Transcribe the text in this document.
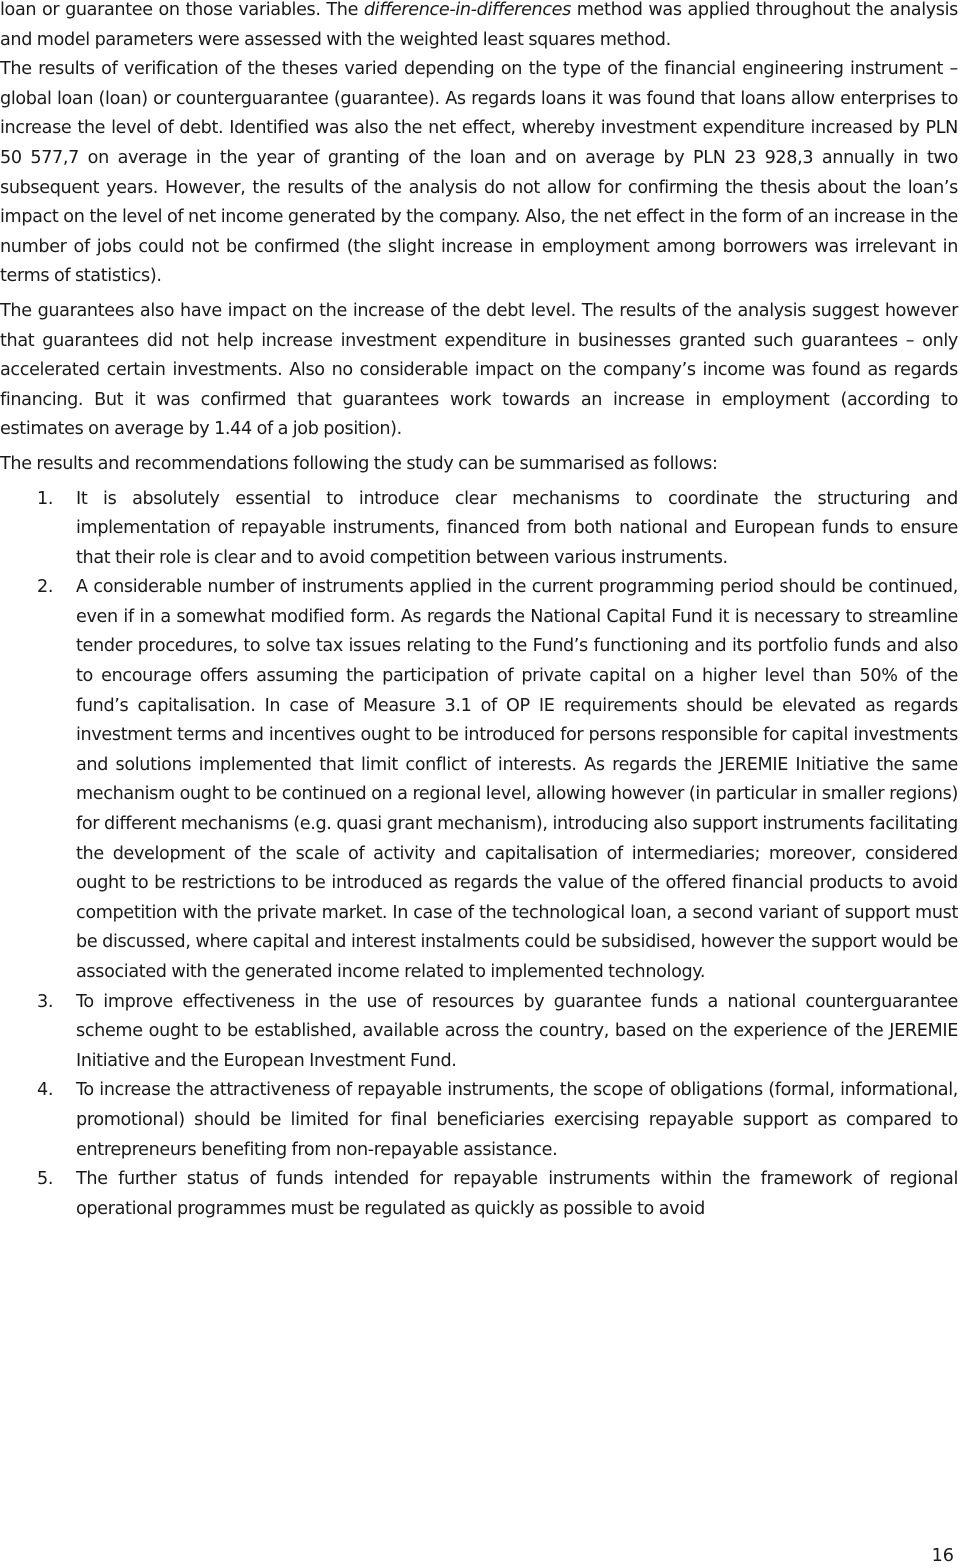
loan or guarantee on those variables. The difference-in-differences method was applied throughout the analysis and model parameters were assessed with the weighted least squares method.

The results of verification of the theses varied depending on the type of the financial engineering instrument – global loan (loan) or counterguarantee (guarantee). As regards loans it was found that loans allow enterprises to increase the level of debt. Identified was also the net effect, whereby investment expenditure increased by PLN 50 577,7 on average in the year of granting of the loan and on average by PLN 23 928,3 annually in two subsequent years. However, the results of the analysis do not allow for confirming the thesis about the loan’s impact on the level of net income generated by the company. Also, the net effect in the form of an increase in the number of jobs could not be confirmed (the slight increase in employment among borrowers was irrelevant in terms of statistics).

The guarantees also have impact on the increase of the debt level. The results of the analysis suggest however that guarantees did not help increase investment expenditure in businesses granted such guarantees – only accelerated certain investments. Also no considerable impact on the company’s income was found as regards financing. But it was confirmed that guarantees work towards an increase in employment (according to estimates on average by 1.44 of a job position).

The results and recommendations following the study can be summarised as follows:

1. It is absolutely essential to introduce clear mechanisms to coordinate the structuring and implementation of repayable instruments, financed from both national and European funds to ensure that their role is clear and to avoid competition between various instruments.
2. A considerable number of instruments applied in the current programming period should be continued, even if in a somewhat modified form. As regards the National Capital Fund it is necessary to streamline tender procedures, to solve tax issues relating to the Fund’s functioning and its portfolio funds and also to encourage offers assuming the participation of private capital on a higher level than 50% of the fund’s capitalisation. In case of Measure 3.1 of OP IE requirements should be elevated as regards investment terms and incentives ought to be introduced for persons responsible for capital investments and solutions implemented that limit conflict of interests. As regards the JEREMIE Initiative the same mechanism ought to be continued on a regional level, allowing however (in particular in smaller regions) for different mechanisms (e.g. quasi grant mechanism), introducing also support instruments facilitating the development of the scale of activity and capitalisation of intermediaries; moreover, considered ought to be restrictions to be introduced as regards the value of the offered financial products to avoid competition with the private market. In case of the technological loan, a second variant of support must be discussed, where capital and interest instalments could be subsidised, however the support would be associated with the generated income related to implemented technology.
3. To improve effectiveness in the use of resources by guarantee funds a national counterguarantee scheme ought to be established, available across the country, based on the experience of the JEREMIE Initiative and the European Investment Fund.
4. To increase the attractiveness of repayable instruments, the scope of obligations (formal, informational, promotional) should be limited for final beneficiaries exercising repayable support as compared to entrepreneurs benefiting from non-repayable assistance.
5. The further status of funds intended for repayable instruments within the framework of regional operational programmes must be regulated as quickly as possible to avoid
16
